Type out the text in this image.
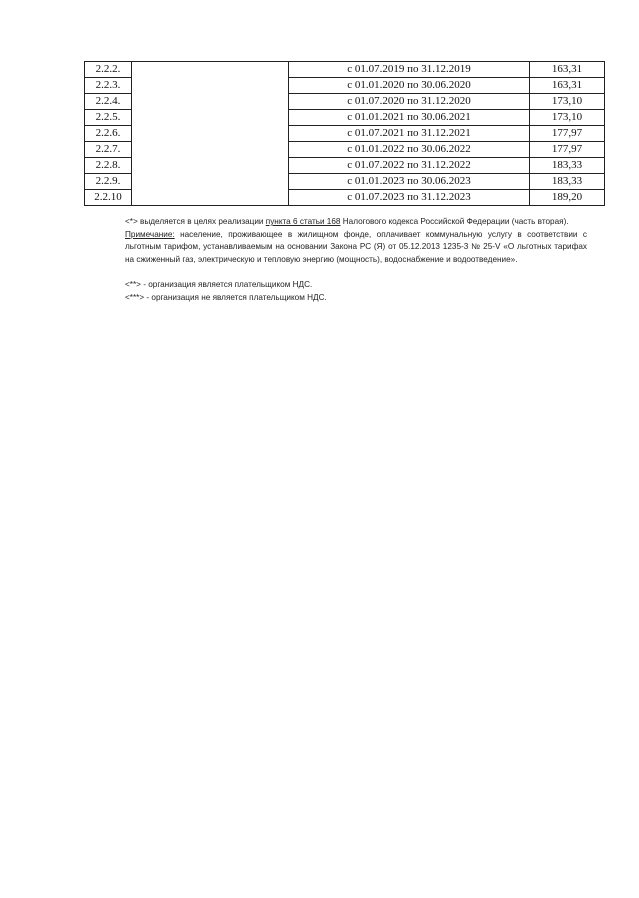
2.2.2.		с 01.07.2019 по 31.12.2019	163,31
2.2.3.		с 01.01.2020 по 30.06.2020	163,31
2.2.4.		с 01.07.2020 по 31.12.2020	173,10
2.2.5.		с 01.01.2021 по 30.06.2021	173,10
2.2.6.		с 01.07.2021 по 31.12.2021	177,97
2.2.7.		с 01.01.2022 по 30.06.2022	177,97
2.2.8.		с 01.07.2022 по 31.12.2022	183,33
2.2.9.		с 01.01.2023 по 30.06.2023	183,33
2.2.10		с 01.07.2023 по 31.12.2023	189,20

<*> выделяется в целях реализации пункта 6 статьи 168 Налогового кодекса Российской Федерации (часть вторая).

Примечание: население, проживающее в жилищном фонде, оплачивает коммунальную услугу в соответствии с льготным тарифом, устанавливаемым на основании Закона РС (Я) от 05.12.2013 1235-3 № 25-V «О льготных тарифах на сжиженный газ, электрическую и тепловую энергию (мощность), водоснабжение и водоотведение».

<**> - организация является плательщиком НДС.

<***> - организация не является плательщиком НДС.
